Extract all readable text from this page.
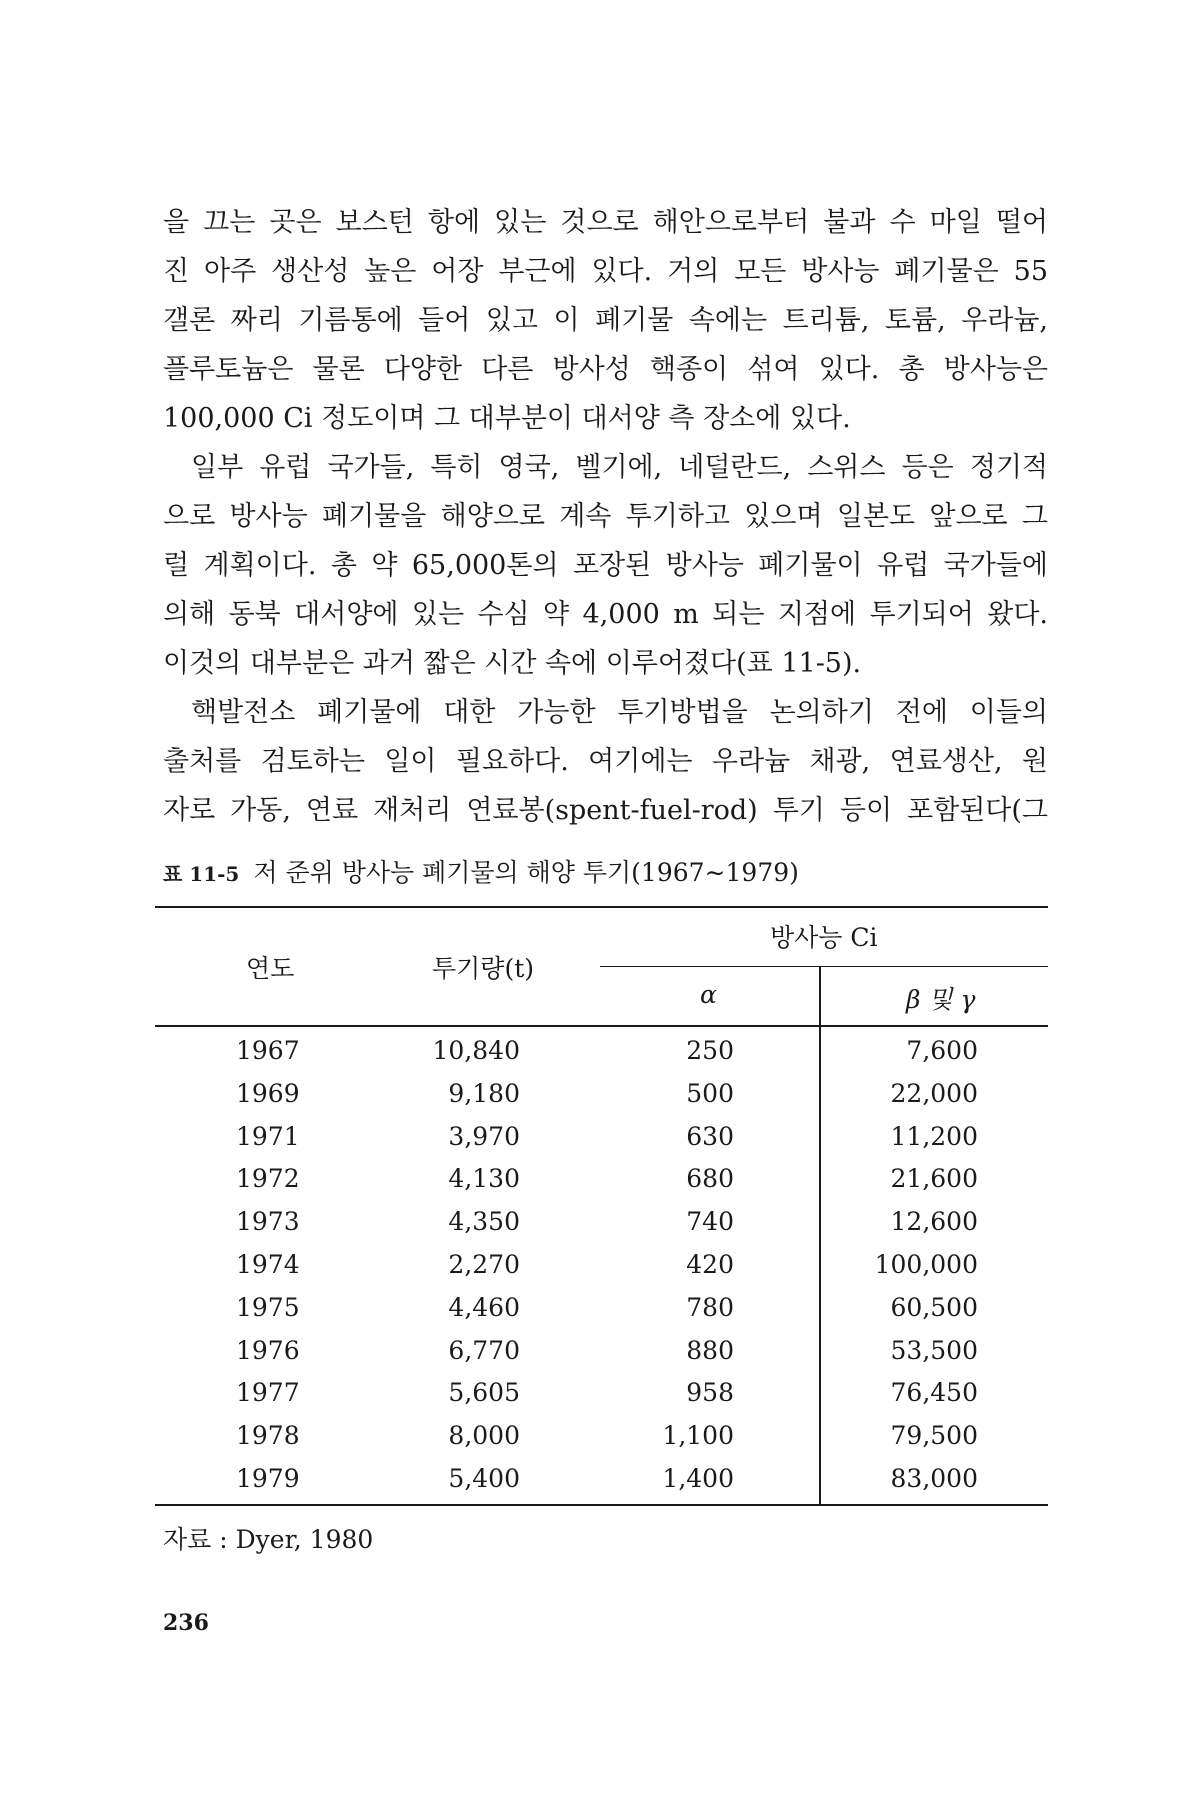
을 끄는 곳은 보스턴 항에 있는 것으로 해안으로부터 불과 수 마일 떨어
진 아주 생산성 높은 어장 부근에 있다. 거의 모든 방사능 폐기물은 55
갤론 짜리 기름통에 들어 있고 이 폐기물 속에는 트리튬, 토륨, 우라늄,
플루토늄은 물론 다양한 다른 방사성 핵종이 섞여 있다. 총 방사능은
100,000 Ci 정도이며 그 대부분이 대서양 측 장소에 있다.
일부 유럽 국가들, 특히 영국, 벨기에, 네덜란드, 스위스 등은 정기적
으로 방사능 폐기물을 해양으로 계속 투기하고 있으며 일본도 앞으로 그
럴 계획이다. 총 약 65,000톤의 포장된 방사능 폐기물이 유럽 국가들에
의해 동북 대서양에 있는 수심 약 4,000 m 되는 지점에 투기되어 왔다.
이것의 대부분은 과거 짧은 시간 속에 이루어졌다(표 11-5).
핵발전소 폐기물에 대한 가능한 투기방법을 논의하기 전에 이들의
출처를 검토하는 일이 필요하다. 여기에는 우라늄 채광, 연료생산, 원
자로 가동, 연료 재처리 연료봉(spent-fuel-rod) 투기 등이 포함된다(그
표 11-5 저 준위 방사능 폐기물의 해양 투기(1967∼1979)
연도	투기량(t)
방사능 Ci
α	β 및 γ
1967	10,840	250	7,600
1969	9,180	500	22,000
1971	3,970	630	11,200
1972	4,130	680	21,600
1973	4,350	740	12,600
1974	2,270	420	100,000
1975	4,460	780	60,500
1976	6,770	880	53,500
1977	5,605	958	76,450
1978	8,000	1,100	79,500
1979	5,400	1,400	83,000
자료 : Dyer, 1980
236
